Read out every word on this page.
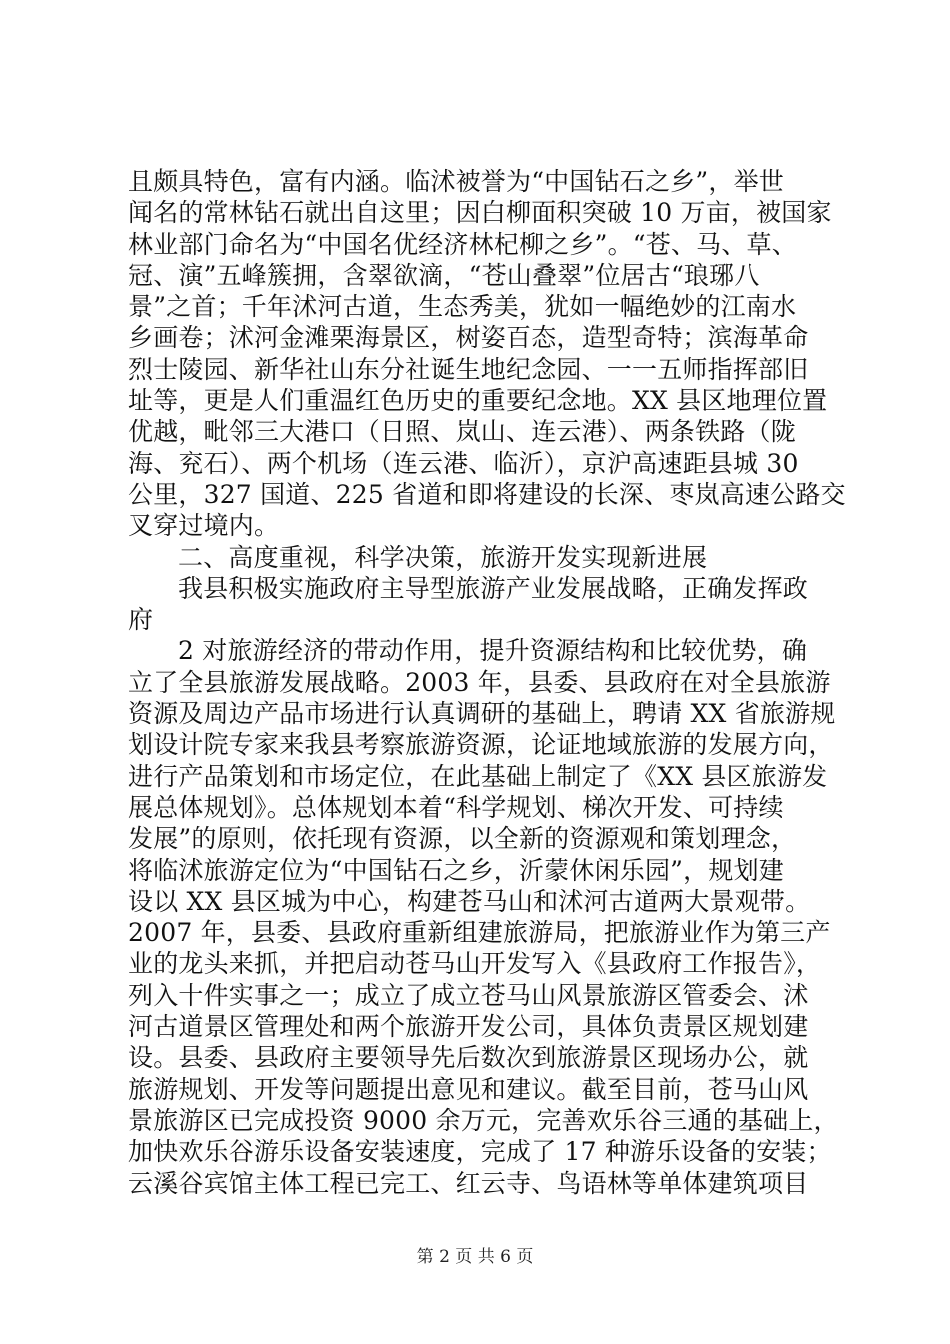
且颇具特色，富有内涵。临沭被誉为“中国钻石之乡”，举世
闻名的常林钻石就出自这里；因白柳面积突破 10 万亩，被国家
林业部门命名为“中国名优经济林杞柳之乡”。“苍、马、草、
冠、演”五峰簇拥，含翠欲滴，“苍山叠翠”位居古“琅琊八
景”之首；千年沭河古道，生态秀美，犹如一幅绝妙的江南水
乡画卷；沭河金滩栗海景区，树姿百态，造型奇特；滨海革命
烈士陵园、新华社山东分社诞生地纪念园、一一五师指挥部旧
址等，更是人们重温红色历史的重要纪念地。XX 县区地理位置
优越，毗邻三大港口（日照、岚山、连云港）、两条铁路（陇
海、兖石）、两个机场（连云港、临沂），京沪高速距县城 30
公里，327 国道、225 省道和即将建设的长深、枣岚高速公路交
叉穿过境内。
二、高度重视，科学决策，旅游开发实现新进展
我县积极实施政府主导型旅游产业发展战略，正确发挥政
府
2 对旅游经济的带动作用，提升资源结构和比较优势，确
立了全县旅游发展战略。2003 年，县委、县政府在对全县旅游
资源及周边产品市场进行认真调研的基础上，聘请 XX 省旅游规
划设计院专家来我县考察旅游资源，论证地域旅游的发展方向，
进行产品策划和市场定位，在此基础上制定了《XX 县区旅游发
展总体规划》。总体规划本着“科学规划、梯次开发、可持续
发展”的原则，依托现有资源，以全新的资源观和策划理念，
将临沭旅游定位为“中国钻石之乡，沂蒙休闲乐园”，规划建
设以 XX 县区城为中心，构建苍马山和沭河古道两大景观带。
2007 年，县委、县政府重新组建旅游局，把旅游业作为第三产
业的龙头来抓，并把启动苍马山开发写入《县政府工作报告》，
列入十件实事之一；成立了成立苍马山风景旅游区管委会、沭
河古道景区管理处和两个旅游开发公司，具体负责景区规划建
设。县委、县政府主要领导先后数次到旅游景区现场办公，就
旅游规划、开发等问题提出意见和建议。截至目前，苍马山风
景旅游区已完成投资 9000 余万元，完善欢乐谷三通的基础上，
加快欢乐谷游乐设备安装速度，完成了 17 种游乐设备的安装；
云溪谷宾馆主体工程已完工、红云寺、鸟语林等单体建筑项目
第 2 页 共 6 页
